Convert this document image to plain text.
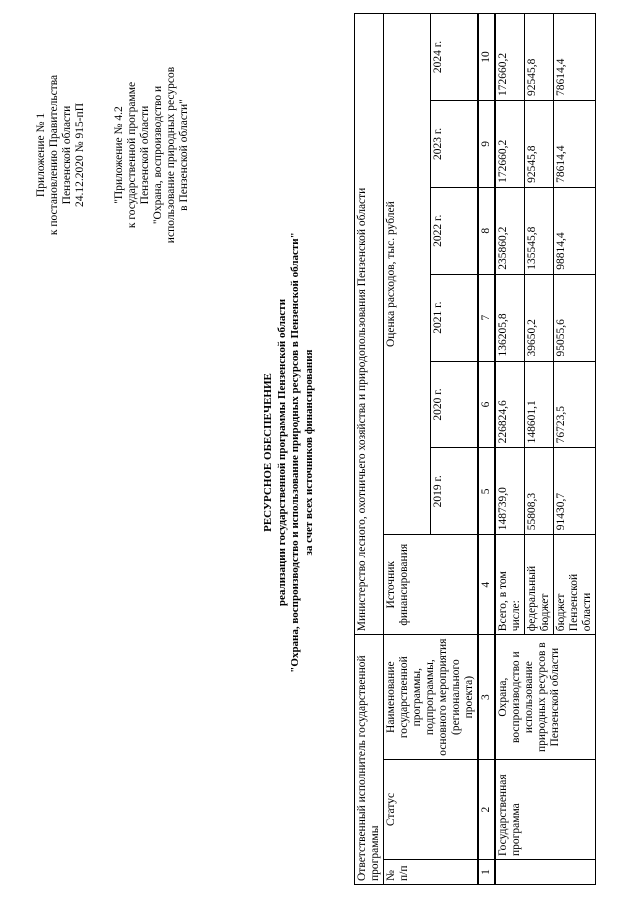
Приложение № 1 к постановлению Правительства Пензенской области 24.12.2020 № 915-пП "Приложение № 4.2 к государственной программе Пензенской области "Охрана, воспроизводство и использование природных ресурсов в Пензенской области"
РЕСУРСНОЕ ОБЕСПЕЧЕНИЕ реализации государственной программы Пензенской области "Охрана, воспроизводство и использование природных ресурсов в Пензенской области" за счет всех источников финансирования
Ответственный исполнитель государственной программы			Министерство лесного, охотничьего хозяйства и природопользования Пензенской области						
№ п/п	Статус	Наименование государственной программы, подпрограммы, основного мероприятия (регионального проекта)	Источник финансирования	Оценка расходов, тыс. рублей					
				2019 г.	2020 г.	2021 г.	2022 г.	2023 г.	2024 г.
1	2	3	4	5	6	7	8	9	10
	Государственная программа	Охрана, воспроизводство и использование природных ресурсов в Пензенской области	Всего, в том числе:	148739,0	226824,6	136205,8	235860,2	172660,2	172660,2
			федеральный бюджет	55808,3	148601,1	39650,2	135545,8	92545,8	92545,8
			бюджет Пензенской области	91430,7	76723,5	95055,6	98814,4	78614,4	78614,4
